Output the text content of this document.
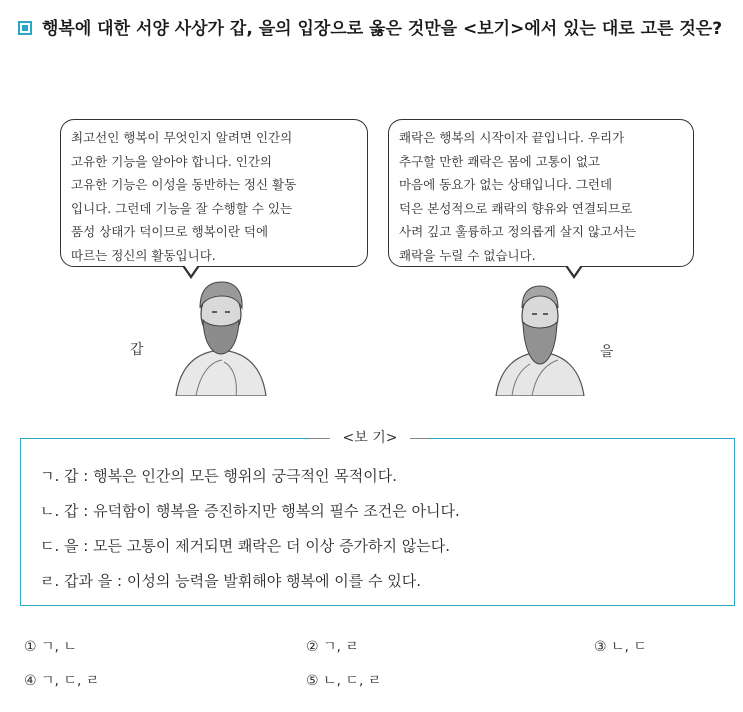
행복에 대한 서양 사상가 갑, 을의 입장으로 옳은 것만을 <보기>에서 있는 대로 고른 것은?
최고선인 행복이 무엇인지 알려면 인간의
고유한 기능을 알아야 합니다. 인간의
고유한 기능은 이성을 동반하는 정신 활동
입니다. 그런데 기능을 잘 수행할 수 있는
품성 상태가 덕이므로 행복이란 덕에
따르는 정신의 활동입니다.
쾌락은 행복의 시작이자 끝입니다. 우리가
추구할 만한 쾌락은 몸에 고통이 없고
마음에 동요가 없는 상태입니다. 그런데
덕은 본성적으로 쾌락의 향유와 연결되므로
사려 깊고 훌륭하고 정의롭게 살지 않고서는
쾌락을 누릴 수 없습니다.
갑	을
<보 기>
ㄱ. 갑 : 행복은 인간의 모든 행위의 궁극적인 목적이다.
ㄴ. 갑 : 유덕함이 행복을 증진하지만 행복의 필수 조건은 아니다.
ㄷ. 을 : 모든 고통이 제거되면 쾌락은 더 이상 증가하지 않는다.
ㄹ. 갑과 을 : 이성의 능력을 발휘해야 행복에 이를 수 있다.
① ㄱ, ㄴ	② ㄱ, ㄹ	③ ㄴ, ㄷ
④ ㄱ, ㄷ, ㄹ	⑤ ㄴ, ㄷ, ㄹ
